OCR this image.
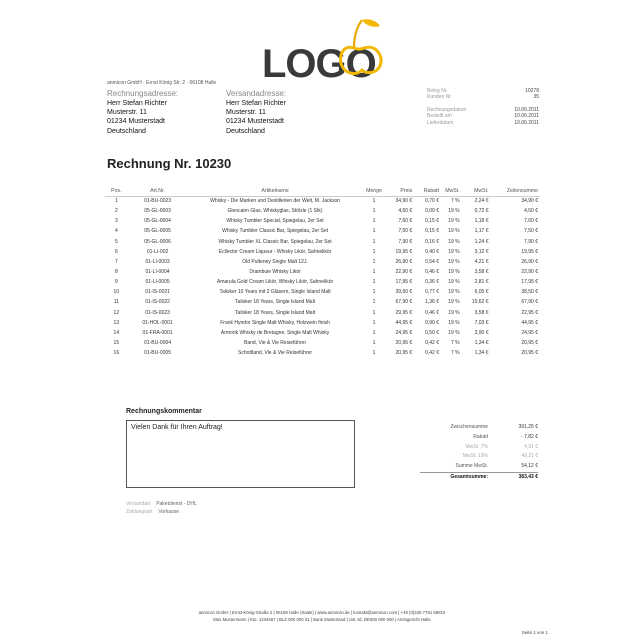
LOGO
anmicon GmbH · Ernst König Str. 2 · 06108 Halle
Rechnungsadresse:
Herr Stefan Richter
Musterstr. 11
01234 Musterstadt
Deutschland
Versandadresse:
Herr Stefan Richter
Musterstr. 11
01234 Musterstadt
Deutschland
Beleg Nr.	10278
Kunden Nr.	35
Rechnungsdatum	10.06.2011
Bestellt am	10.06.2011
Lieferdatum	10.06.2011
Rechnung Nr. 10230
Pos.	Art.Nr.	Artikelname	Menge	Preis	Rabatt	MwSt.	MwSt.	Zeilensumme
1	01-BU-0023	Whisky - Die Marken und Destillerien der Welt, M. Jackson	1	34,90 €	0,70 €	7 %	2,24 €	34,90 €
2	05-GL-0003	Glencairn Glas, Whiskyglas, Stölzle (1 Stk)	1	4,50 €	0,09 €	19 %	0,72 €	4,50 €
3	05-GL-0004	Whisky Tumbler Special, Spiegelau, 2er Set	1	7,60 €	0,15 €	19 %	1,18 €	7,60 €
4	05-GL-0005	Whisky Tumbler Classic Bar, Spiegelau, 2er Set	1	7,50 €	0,15 €	19 %	1,17 €	7,50 €
5	05-GL-0006	Whisky Tumbler XL Classic Bar, Spiegelau, 2er Set	1	7,90 €	0,16 €	19 %	1,24 €	7,90 €
6	01-LI-002	Ecllector Cream Liqueur - Whisky Likör, Sahnelikör	1	19,95 €	0,40 €	19 %	3,12 €	19,95 €
7	01-LI-0003	Old Pulteney Single Malt 12J.	1	26,90 €	0,54 €	19 %	4,21 €	26,90 €
8	01-LI-0004	Drambuie Whisky Likör	1	22,90 €	0,46 €	19 %	3,58 €	22,90 €
9	01-LI-0005	Amarula Gold Cream Likör, Whisky Likör, Sahnelikör	1	17,95 €	0,36 €	19 %	2,81 €	17,95 €
10	01-IS-0021	Talisker 10 Years mit 2 Gläsern, Single Island Malt	1	39,50 €	0,77 €	19 %	6,05 €	38,50 €
11	01-IS-0022	Talisker 18 Years, Single Island Malt	1	67,90 €	1,36 €	19 %	10,62 €	67,90 €
12	01-IS-0023	Talisker 18 Years, Single Island Malt	1	29,95 €	0,46 €	19 %	3,58 €	22,95 €
13	01-HOL-0001	Frank Hyndor Single Malt Whisky, Holzwein finish	1	44,95 €	0,90 €	19 %	7,03 €	44,95 €
14	01-FRA-0001	Armorik Whisky de Bretagne, Single Malt Whisky	1	24,95 €	0,50 €	19 %	3,90 €	24,95 €
15	01-BU-0004	Band, Vie & Vie Reiseführer	1	20,95 €	0,42 €	7 %	1,34 €	20,95 €
16	01-BU-0005	Schottland, Vie & Vie Reiseführer	1	20,95 €	0,42 €	7 %	1,34 €	20,95 €
Rechnungskommentar
Vielen Dank für Ihren Auftrag!	Zwischensumme	391,25 €
Rabatt	- 7,82 €
MwSt. 7%	4,91 €
MwSt. 19%	49,21 €
Summe MwSt.	54,12 €
Gesamtsumme:	383,43 €
Versandart Paketdienst - DHL
Zahlungsart Vorkasse
anmicon GmbH | Ernst-König-Straße 2 | 06108 Halle (Saale) | www.anmicon.de | kontakt@anmicon.com | +49 (0)345 7761 58810
Max Mustermann | Kto. 1234567 | BLZ 000 000 01 | Bank Musterland | Ust.-Id. DE000 000 000 | Amtsgericht Halle
Seite 1 von 1
